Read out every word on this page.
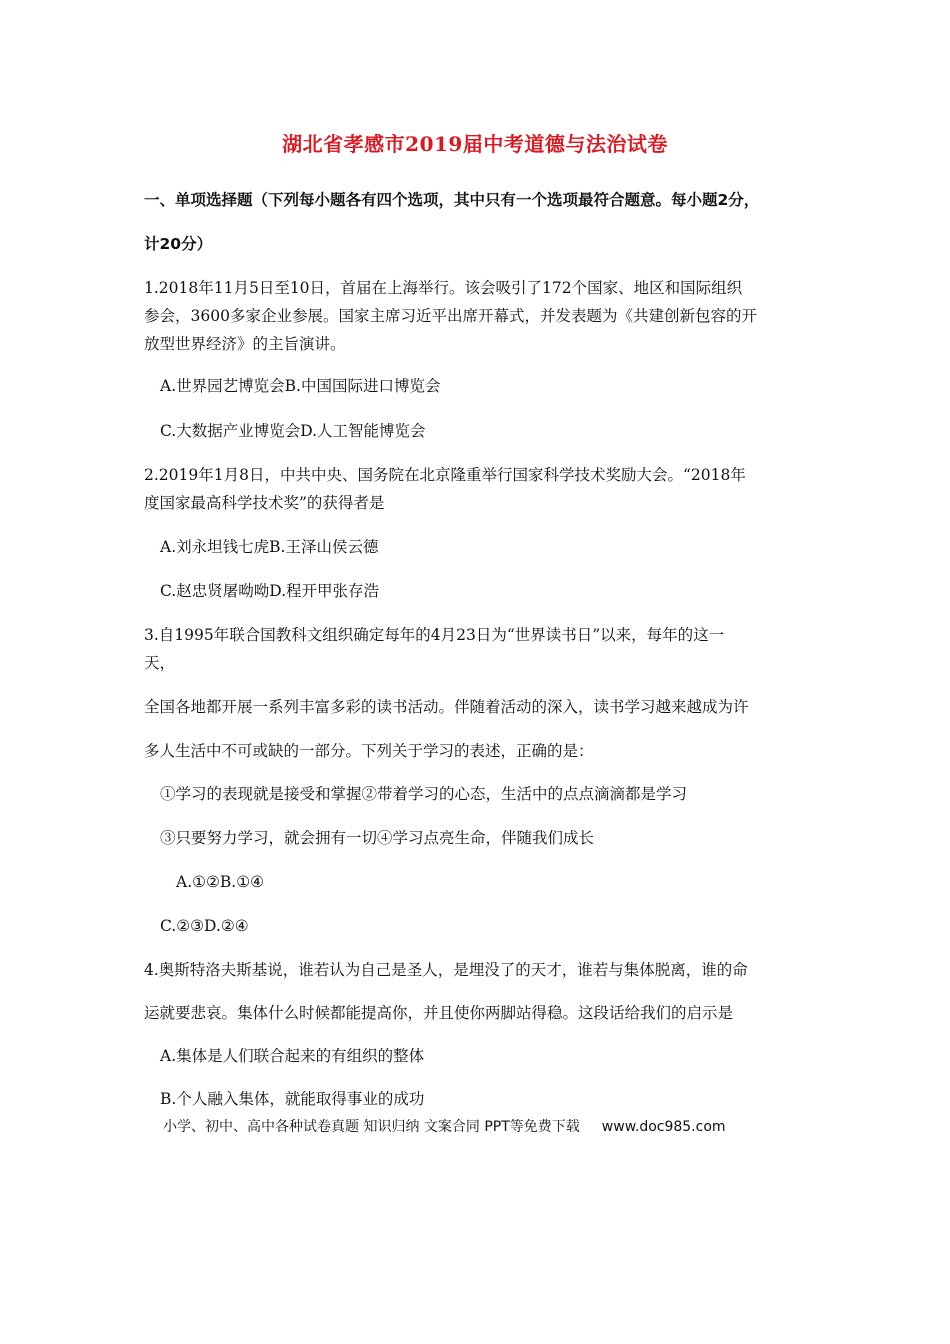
湖北省孝感市2019届中考道德与法治试卷
一、单项选择题（下列每小题各有四个选项，其中只有一个选项最符合题意。每小题2分，
计20分）
1.2018年11月5日至10日，首届在上海举行。该会吸引了172个国家、地区和国际组织
参会，3600多家企业参展。国家主席习近平出席开幕式，并发表题为《共建创新包容的开
放型世界经济》的主旨演讲。
A.世界园艺博览会B.中国国际进口博览会
C.大数据产业博览会D.人工智能博览会
2.2019年1月8日，中共中央、国务院在北京隆重举行国家科学技术奖励大会。“2018年
度国家最高科学技术奖”的获得者是
A.刘永坦钱七虎B.王泽山侯云德
C.赵忠贤屠呦呦D.程开甲张存浩
3.自1995年联合国教科文组织确定每年的4月23日为“世界读书日”以来，每年的这一
天，
全国各地都开展一系列丰富多彩的读书活动。伴随着活动的深入，读书学习越来越成为许
多人生活中不可或缺的一部分。下列关于学习的表述，正确的是：
①学习的表现就是接受和掌握②带着学习的心态，生活中的点点滴滴都是学习
③只要努力学习，就会拥有一切④学习点亮生命，伴随我们成长
A.①②B.①④
C.②③D.②④
4.奥斯特洛夫斯基说，谁若认为自己是圣人，是埋没了的天才，谁若与集体脱离，谁的命
运就要悲哀。集体什么时候都能提高你，并且使你两脚站得稳。这段话给我们的启示是
A.集体是人们联合起来的有组织的整体
B.个人融入集体，就能取得事业的成功
小学、初中、高中各种试卷真题 知识归纳 文案合同 PPT等免费下载 www.doc985.com
